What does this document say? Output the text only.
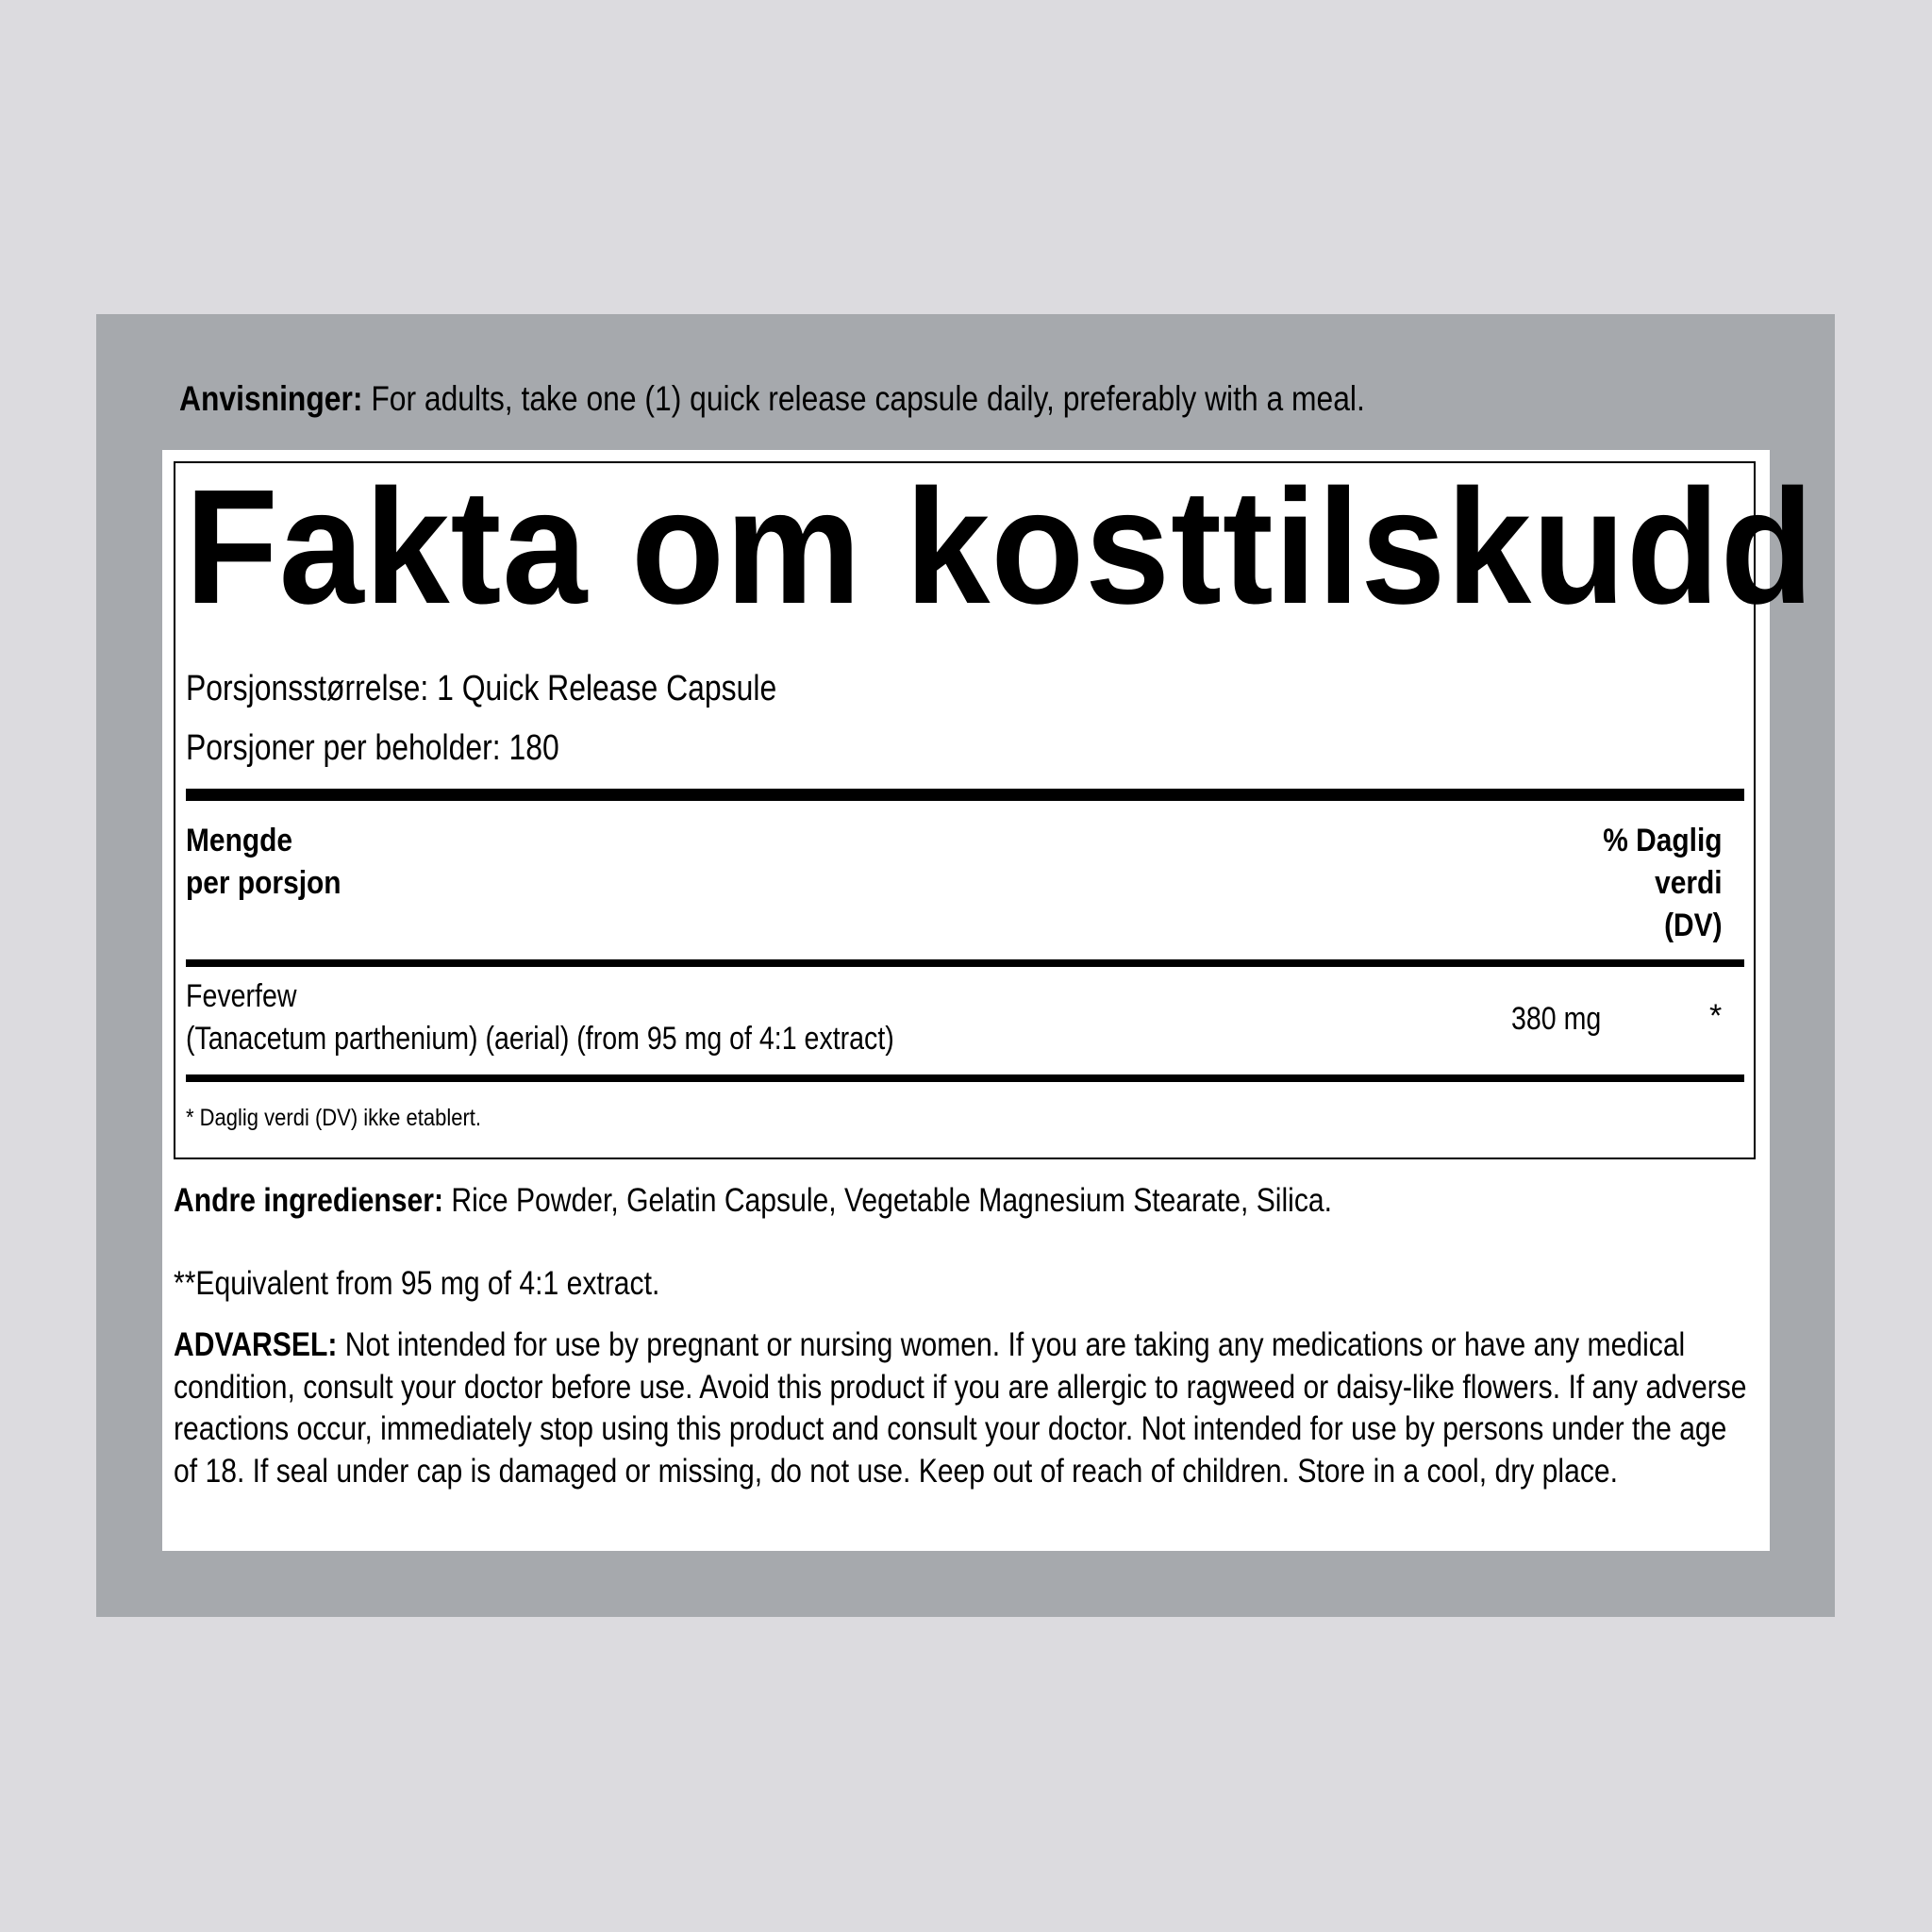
Anvisninger: For adults, take one (1) quick release capsule daily, preferably with a meal.
Fakta om kosttilskudd
Porsjonsstørrelse: 1 Quick Release Capsule
Porsjoner per beholder: 180
Mengde
per porsjon
% Daglig
verdi
(DV)
Feverfew
(Tanacetum parthenium) (aerial) (from 95 mg of 4:1 extract)
380 mg	*
* Daglig verdi (DV) ikke etablert.
Andre ingredienser: Rice Powder, Gelatin Capsule, Vegetable Magnesium Stearate, Silica.
**Equivalent from 95 mg of 4:1 extract.
ADVARSEL: Not intended for use by pregnant or nursing women. If you are taking any medications or have any medical condition, consult your doctor before use. Avoid this product if you are allergic to ragweed or daisy-like flowers. If any adverse reactions occur, immediately stop using this product and consult your doctor. Not intended for use by persons under the age of 18. If seal under cap is damaged or missing, do not use. Keep out of reach of children. Store in a cool, dry place.
